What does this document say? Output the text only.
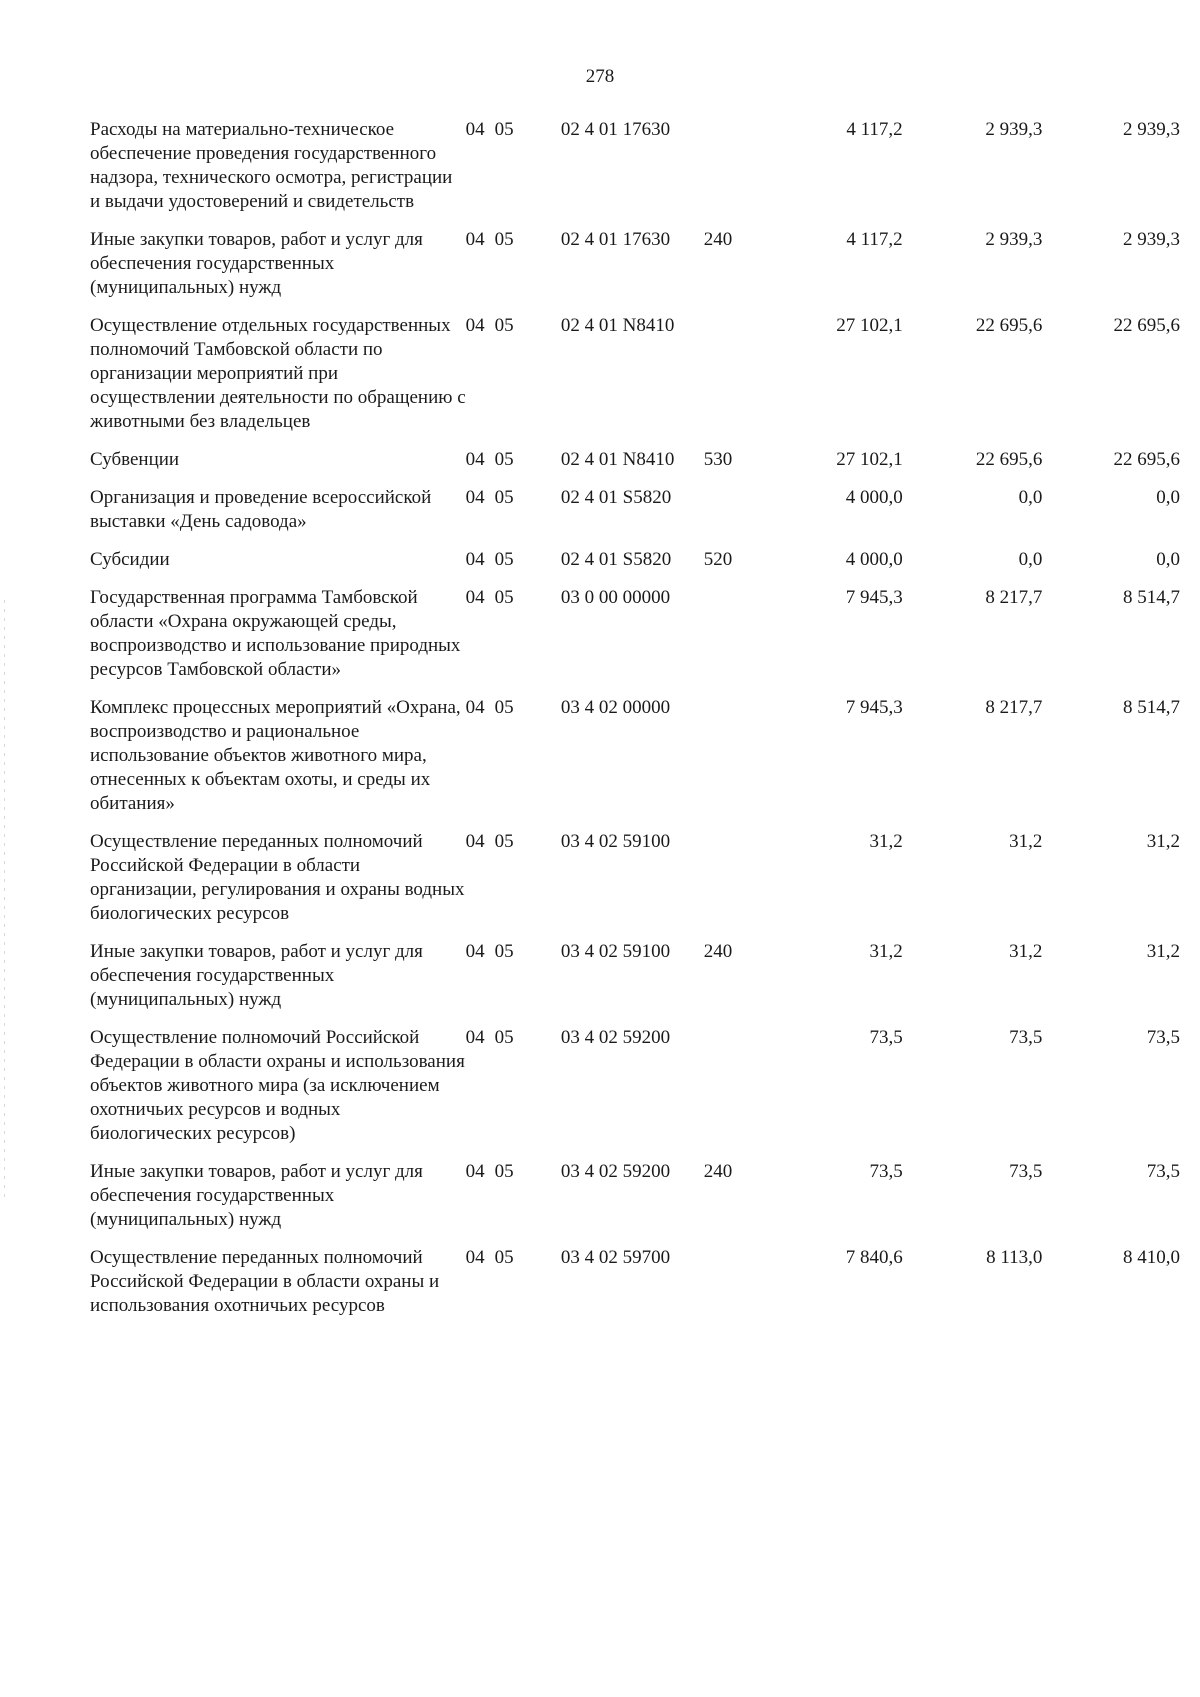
278
Расходы на материально-техническое обеспечение проведения государственного надзора, технического осмотра, регистрации и выдачи удостоверений и свидетельств	04 05	02 4 01 17630		4 117,2	2 939,3	2 939,3
Иные закупки товаров, работ и услуг для обеспечения государственных (муниципальных) нужд	04 05	02 4 01 17630	240	4 117,2	2 939,3	2 939,3
Осуществление отдельных государственных полномочий Тамбовской области по организации мероприятий при осуществлении деятельности по обращению с животными без владельцев	04 05	02 4 01 N8410		27 102,1	22 695,6	22 695,6
Субвенции	04 05	02 4 01 N8410	530	27 102,1	22 695,6	22 695,6
Организация и проведение всероссийской выставки «День садовода»	04 05	02 4 01 S5820		4 000,0	0,0	0,0
Субсидии	04 05	02 4 01 S5820	520	4 000,0	0,0	0,0
Государственная программа Тамбовской области «Охрана окружающей среды, воспроизводство и использование природных ресурсов Тамбовской области»	04 05	03 0 00 00000		7 945,3	8 217,7	8 514,7
Комплекс процессных мероприятий «Охрана, воспроизводство и рациональное использование объектов животного мира, отнесенных к объектам охоты, и среды их обитания»	04 05	03 4 02 00000		7 945,3	8 217,7	8 514,7
Осуществление переданных полномочий Российской Федерации в области организации, регулирования и охраны водных биологических ресурсов	04 05	03 4 02 59100		31,2	31,2	31,2
Иные закупки товаров, работ и услуг для обеспечения государственных (муниципальных) нужд	04 05	03 4 02 59100	240	31,2	31,2	31,2
Осуществление полномочий Российской Федерации в области охраны и использования объектов животного мира (за исключением охотничьих ресурсов и водных биологических ресурсов)	04 05	03 4 02 59200		73,5	73,5	73,5
Иные закупки товаров, работ и услуг для обеспечения государственных (муниципальных) нужд	04 05	03 4 02 59200	240	73,5	73,5	73,5
Осуществление переданных полномочий Российской Федерации в области охраны и использования охотничьих ресурсов	04 05	03 4 02 59700		7 840,6	8 113,0	8 410,0
